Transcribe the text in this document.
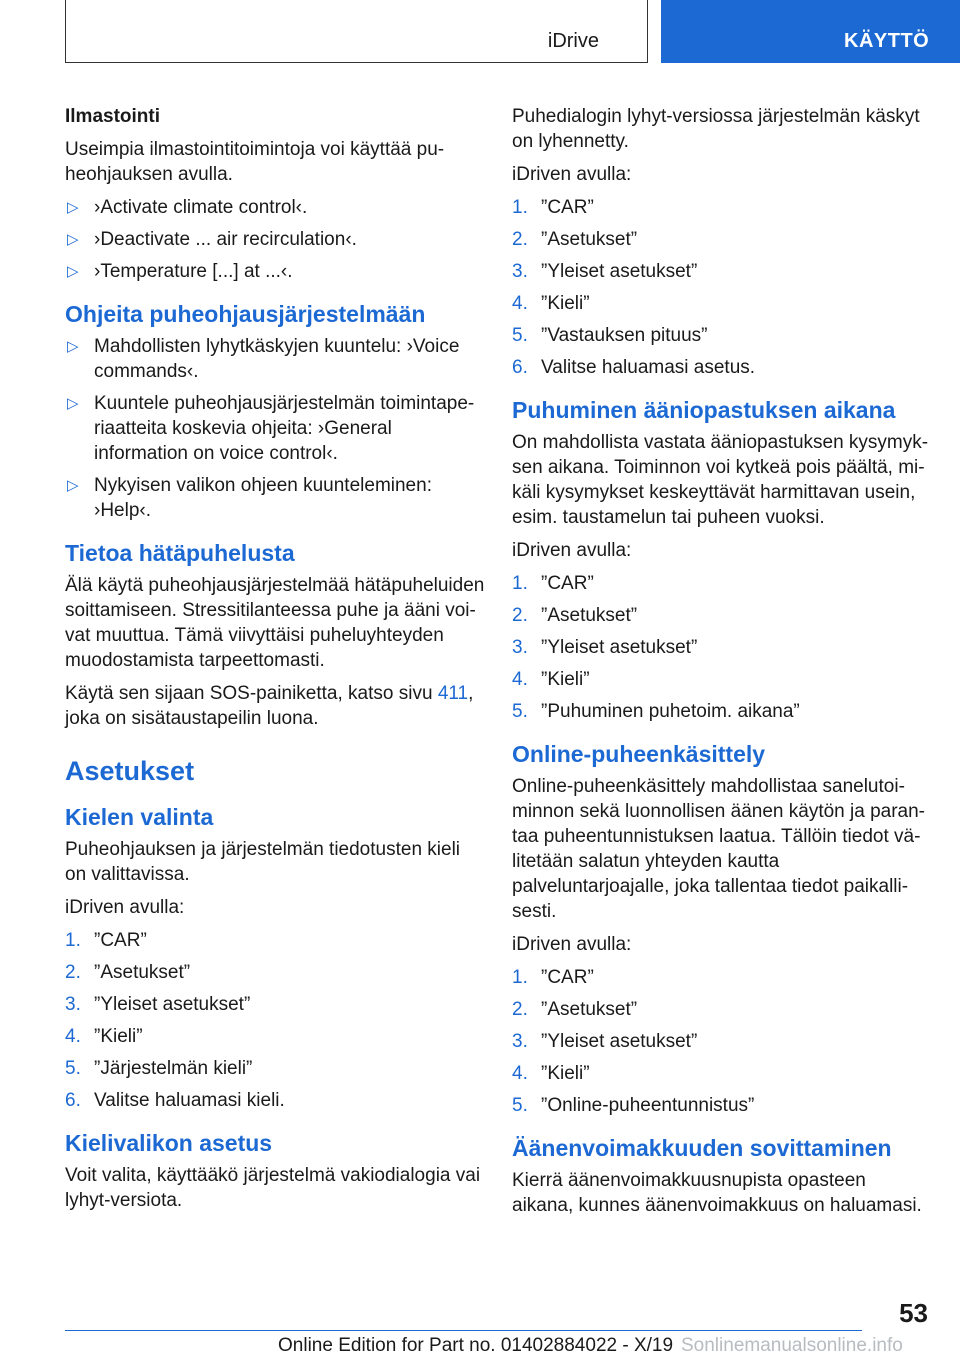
iDrive	KÄYTTÖ

Ilmastointi

Useimpia ilmastointitoimintoja voi käyttää pu-heohjauksen avulla.

▷ ›Activate climate control‹.
▷ ›Deactivate ... air recirculation‹.
▷ ›Temperature [...] at ...‹.
Ohjeita puheohjausjärjestelmään
▷ Mahdollisten lyhytkäskyjen kuuntelu: ›Voice commands‹.
▷ Kuuntele puheohjausjärjestelmän toimintape-riaatteita koskevia ohjeita: ›General information on voice control‹.
▷ Nykyisen valikon ohjeen kuunteleminen: ›Help‹.
Tietoa hätäpuhelusta

Älä käytä puheohjausjärjestelmää hätäpuheluiden soittamiseen. Stressitilanteessa puhe ja ääni voi-vat muuttua. Tämä viivyttäisi puheluyhteyden muodostamista tarpeettomasti.

Käytä sen sijaan SOS-painiketta, katso sivu 411, joka on sisätaustapeilin luona.

Asetukset
Kielen valinta

Puheohjauksen ja järjestelmän tiedotusten kieli on valittavissa.

iDriven avulla:

1. ”CAR”
2. ”Asetukset”
3. ”Yleiset asetukset”
4. ”Kieli”
5. ”Järjestelmän kieli”
6. Valitse haluamasi kieli.
Kielivalikon asetus

Voit valita, käyttääkö järjestelmä vakiodialogia vai lyhyt-versiota.

Puhedialogin lyhyt-versiossa järjestelmän käskyt on lyhennetty.

iDriven avulla:

1. ”CAR”
2. ”Asetukset”
3. ”Yleiset asetukset”
4. ”Kieli”
5. ”Vastauksen pituus”
6. Valitse haluamasi asetus.
Puhuminen ääniopastuksen aikana

On mahdollista vastata ääniopastuksen kysymyk-sen aikana. Toiminnon voi kytkeä pois päältä, mi-käli kysymykset keskeyttävät harmittavan usein, esim. taustamelun tai puheen vuoksi.

iDriven avulla:

1. ”CAR”
2. ”Asetukset”
3. ”Yleiset asetukset”
4. ”Kieli”
5. ”Puhuminen puhetoim. aikana”
Online-puheenkäsittely

Online-puheenkäsittely mahdollistaa sanelutoi-minnon sekä luonnollisen äänen käytön ja paran-taa puheentunnistuksen laatua. Tällöin tiedot vä-litetään salatun yhteyden kautta palveluntarjoajalle, joka tallentaa tiedot paikalli-sesti.

iDriven avulla:

1. ”CAR”
2. ”Asetukset”
3. ”Yleiset asetukset”
4. ”Kieli”
5. ”Online-puheentunnistus”
Äänenvoimakkuuden sovittaminen

Kierrä äänenvoimakkuusnupista opasteen aikana, kunnes äänenvoimakkuus on haluamasi.

53
Online Edition for Part no. 01402884022 - X/19 Sonlinemanualsonline.info
